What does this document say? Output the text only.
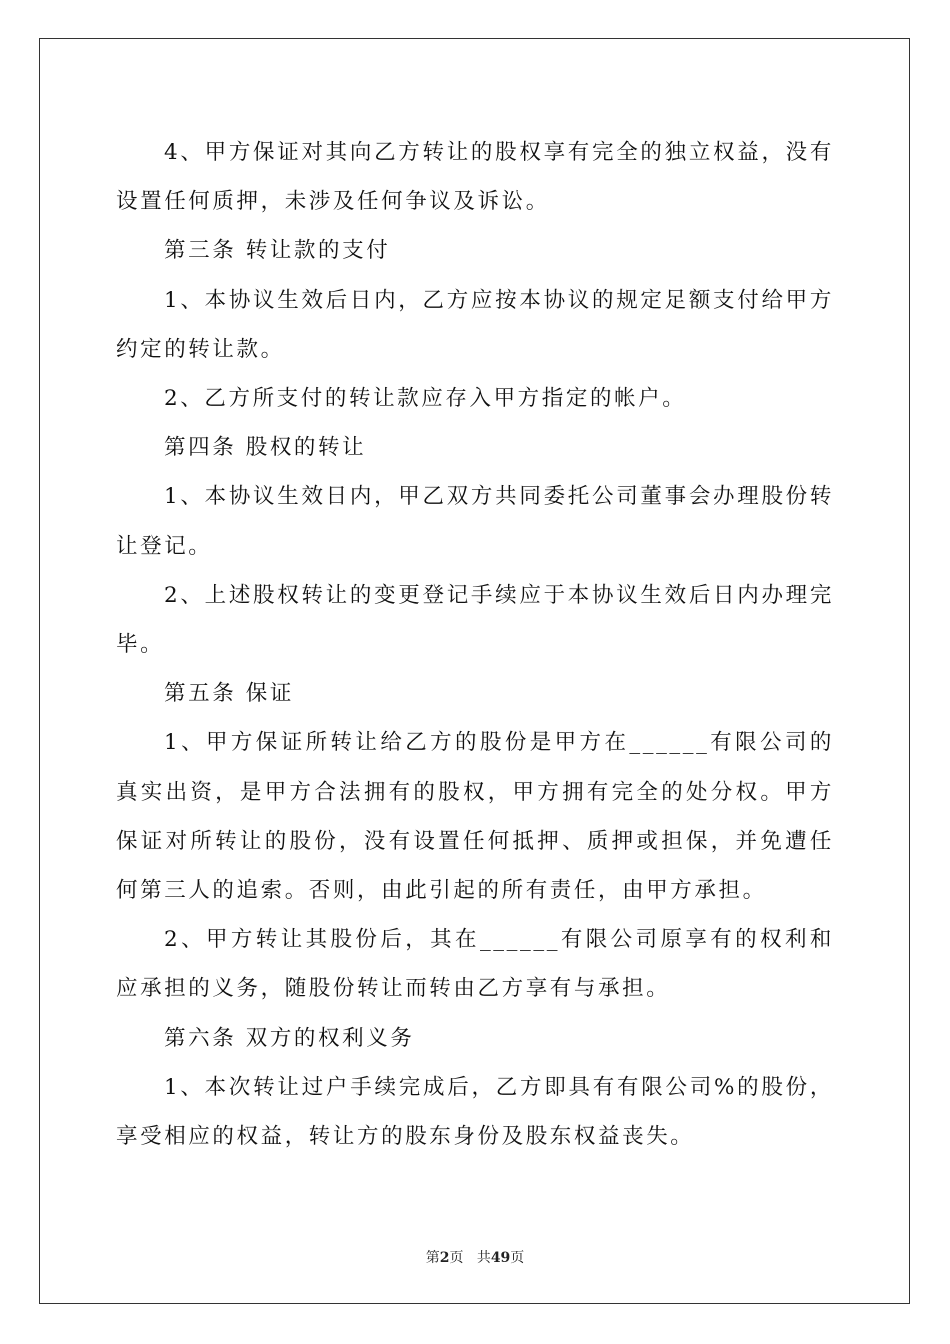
4、甲方保证对其向乙方转让的股权享有完全的独立权益，没有设置任何质押，未涉及任何争议及诉讼。

第三条 转让款的支付

1、本协议生效后日内，乙方应按本协议的规定足额支付给甲方约定的转让款。

2、乙方所支付的转让款应存入甲方指定的帐户。

第四条 股权的转让

1、本协议生效日内，甲乙双方共同委托公司董事会办理股份转让登记。

2、上述股权转让的变更登记手续应于本协议生效后日内办理完毕。

第五条 保证

1、甲方保证所转让给乙方的股份是甲方在______有限公司的真实出资，是甲方合法拥有的股权，甲方拥有完全的处分权。甲方保证对所转让的股份，没有设置任何抵押、质押或担保，并免遭任何第三人的追索。否则，由此引起的所有责任，由甲方承担。

2、甲方转让其股份后，其在______有限公司原享有的权利和应承担的义务，随股份转让而转由乙方享有与承担。

第六条 双方的权利义务

1、本次转让过户手续完成后，乙方即具有有限公司%的股份，享受相应的权益，转让方的股东身份及股东权益丧失。

第2页 共49页
